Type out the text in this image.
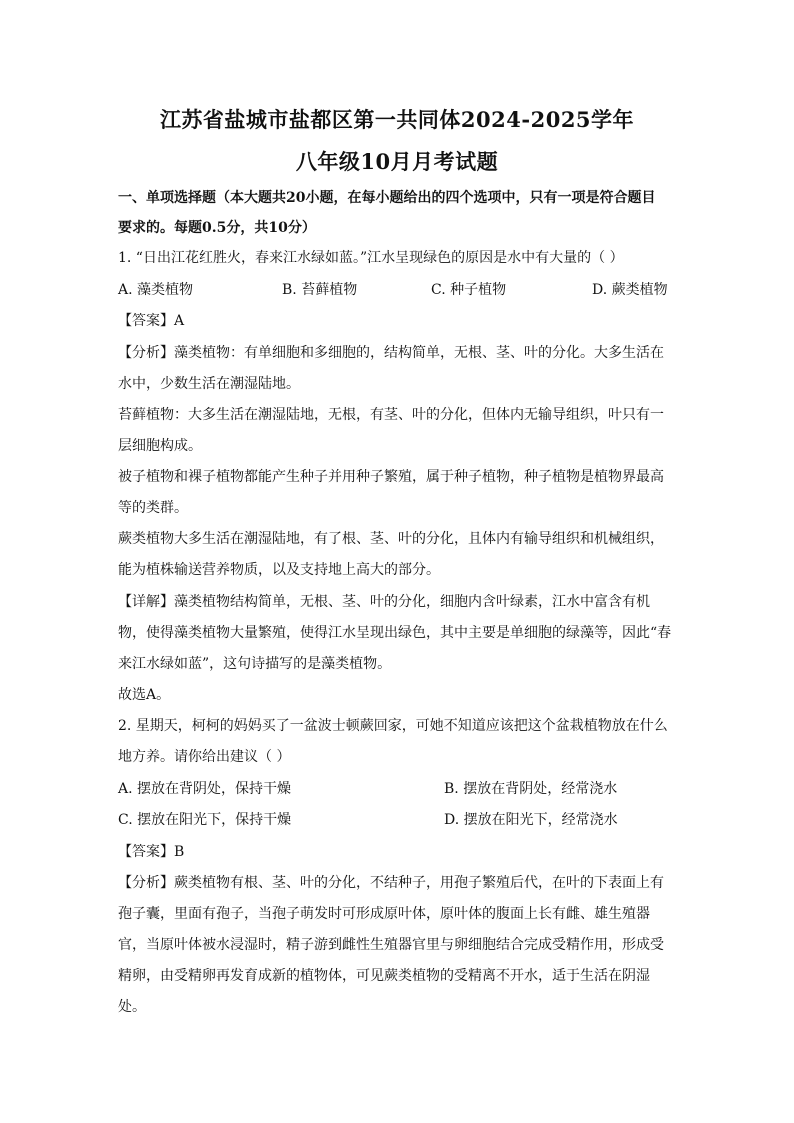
江苏省盐城市盐都区第一共同体2024-2025学年
八年级10月月考试题
一、单项选择题（本大题共20小题，在每小题给出的四个选项中，只有一项是符合题目
要求的。每题0.5分，共10分）
1. “日出江花红胜火，春来江水绿如蓝。”江水呈现绿色的原因是水中有大量的（ ）
A. 藻类植物	B. 苔藓植物	C. 种子植物	D. 蕨类植物
【答案】A
【分析】藻类植物：有单细胞和多细胞的，结构简单，无根、茎、叶的分化。大多生活在
水中，少数生活在潮湿陆地。
苔藓植物：大多生活在潮湿陆地，无根，有茎、叶的分化，但体内无输导组织，叶只有一
层细胞构成。
被子植物和裸子植物都能产生种子并用种子繁殖，属于种子植物，种子植物是植物界最高
等的类群。
蕨类植物大多生活在潮湿陆地，有了根、茎、叶的分化，且体内有输导组织和机械组织，
能为植株输送营养物质，以及支持地上高大的部分。
【详解】藻类植物结构简单，无根、茎、叶的分化，细胞内含叶绿素，江水中富含有机
物，使得藻类植物大量繁殖，使得江水呈现出绿色，其中主要是单细胞的绿藻等，因此“春
来江水绿如蓝”，这句诗描写的是藻类植物。
故选A。
2. 星期天，柯柯的妈妈买了一盆波士顿蕨回家，可她不知道应该把这个盆栽植物放在什么
地方养。请你给出建议（ ）
A. 摆放在背阴处，保持干燥	B. 摆放在背阴处，经常浇水
C. 摆放在阳光下，保持干燥	D. 摆放在阳光下，经常浇水
【答案】B
【分析】蕨类植物有根、茎、叶的分化，不结种子，用孢子繁殖后代，在叶的下表面上有
孢子囊，里面有孢子，当孢子萌发时可形成原叶体，原叶体的腹面上长有雌、雄生殖器
官，当原叶体被水浸湿时，精子游到雌性生殖器官里与卵细胞结合完成受精作用，形成受
精卵，由受精卵再发育成新的植物体，可见蕨类植物的受精离不开水，适于生活在阴湿
处。
